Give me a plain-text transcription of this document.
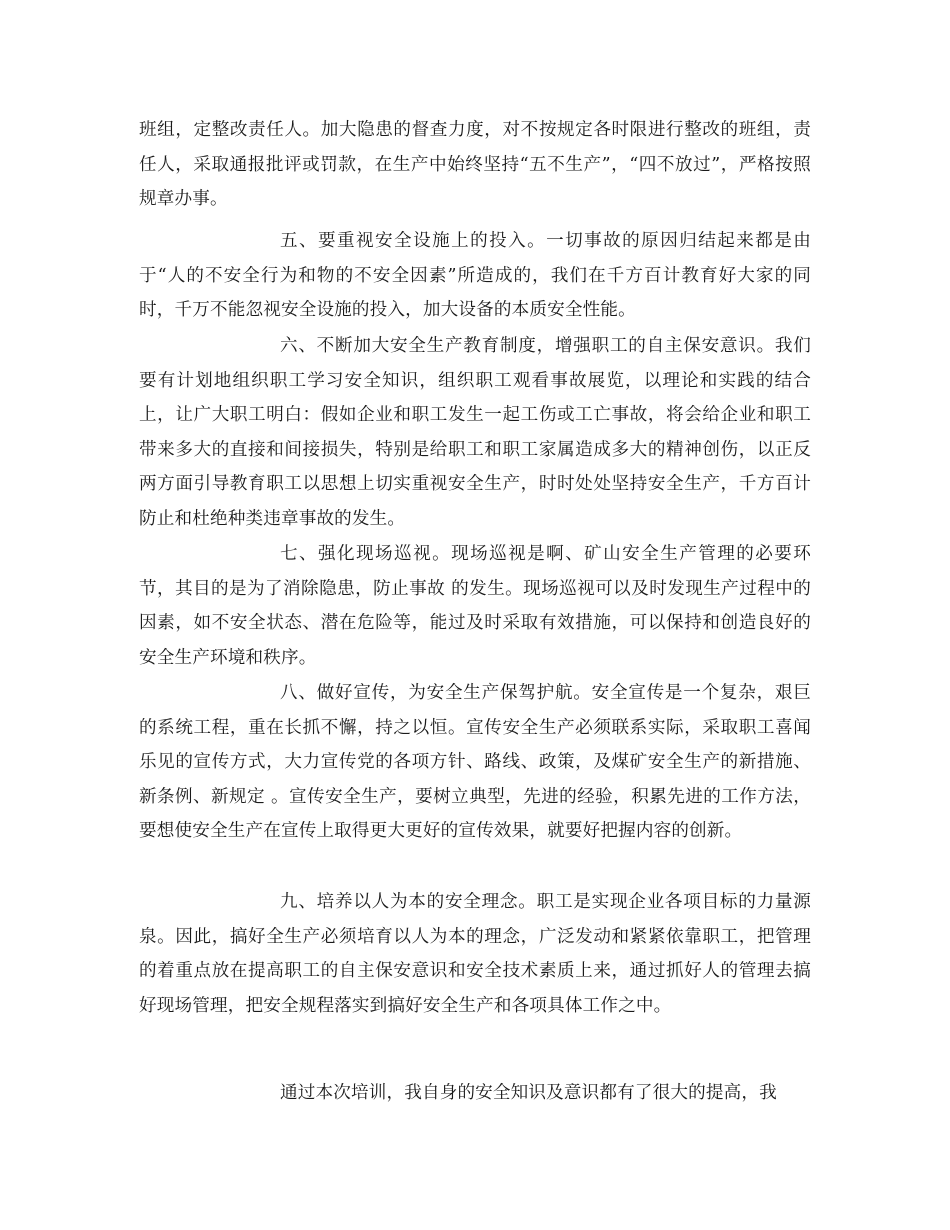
班组，定整改责任人。加大隐患的督查力度，对不按规定各时限进行整改的班组，责任人，采取通报批评或罚款，在生产中始终坚持“五不生产”，“四不放过”，严格按照规章办事。

五、要重视安全设施上的投入。一切事故的原因归结起来都是由于“人的不安全行为和物的不安全因素”所造成的，我们在千方百计教育好大家的同时，千万不能忽视安全设施的投入，加大设备的本质安全性能。

六、不断加大安全生产教育制度，增强职工的自主保安意识。我们要有计划地组织职工学习安全知识，组织职工观看事故展览，以理论和实践的结合上，让广大职工明白：假如企业和职工发生一起工伤或工亡事故，将会给企业和职工带来多大的直接和间接损失，特别是给职工和职工家属造成多大的精神创伤，以正反两方面引导教育职工以思想上切实重视安全生产，时时处处坚持安全生产，千方百计防止和杜绝种类违章事故的发生。

七、强化现场巡视。现场巡视是啊、矿山安全生产管理的必要环节，其目的是为了消除隐患，防止事故 的发生。现场巡视可以及时发现生产过程中的因素，如不安全状态、潜在危险等，能过及时采取有效措施，可以保持和创造良好的安全生产环境和秩序。

八、做好宣传，为安全生产保驾护航。安全宣传是一个复杂，艰巨的系统工程，重在长抓不懈，持之以恒。宣传安全生产必须联系实际，采取职工喜闻乐见的宣传方式，大力宣传党的各项方针、路线、政策，及煤矿安全生产的新措施、新条例、新规定 。宣传安全生产，要树立典型，先进的经验，积累先进的工作方法，要想使安全生产在宣传上取得更大更好的宣传效果，就要好把握内容的创新。

九、培养以人为本的安全理念。职工是实现企业各项目标的力量源泉。因此，搞好全生产必须培育以人为本的理念，广泛发动和紧紧依靠职工，把管理的着重点放在提高职工的自主保安意识和安全技术素质上来，通过抓好人的管理去搞好现场管理，把安全规程落实到搞好安全生产和各项具体工作之中。

通过本次培训，我自身的安全知识及意识都有了很大的提高，我
